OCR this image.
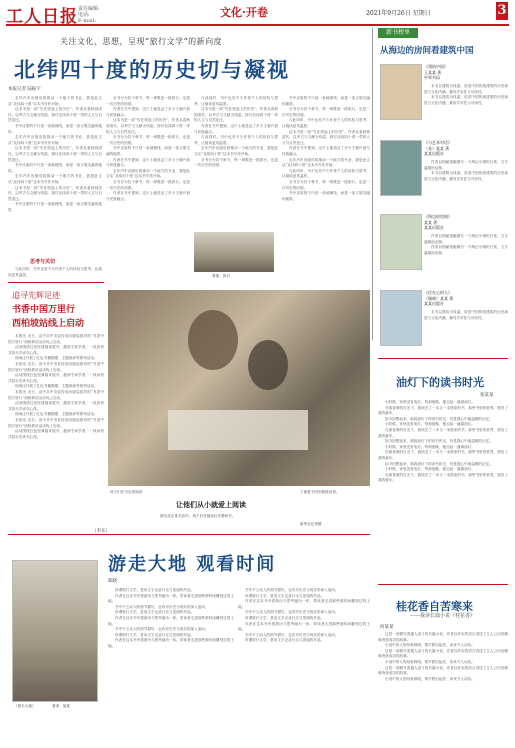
工人日报 责任编辑:
电话:
E-mail:
文化·开卷	2021年9月26日 星期日	3
关注文化、思想，呈现“旅行文学”的新向度
北纬四十度的历史切与凝视
本报记者 陆振宇

去年汽车出版后将推动一个地方的书业，我是此文从“北纬四十度”这本书写作开始。

这本书是一部“写在旅途上的历史”，作者从春秋到清代，以考古与文献为线索，探讨北纬四十度一带的人文与自然变迁。

书中还原的不只是一条地理线，而是一条文明交融的地带。

去年汽车出版后将推动一个地方的书业，我是此文从“北纬四十度”这本书写作开始。

这本书是一部“写在旅途上的历史”，作者从春秋到清代，以考古与文献为线索，探讨北纬四十度一带的人文与自然变迁。

书中还原的不只是一条地理线，而是一条文明交融的地带。

去年汽车出版后将推动一个地方的书业，我是此文从“北纬四十度”这本书写作开始。

这本书是一部“写在旅途上的历史”，作者从春秋到清代，以考古与文献为线索，探讨北纬四十度一带的人文与自然变迁。

书中还原的不只是一条地理线，而是一条文明交融的地带。

思考与关切

与此同时，书中也有不少作者个人的体验与思考，让阅读更具温度。

全书分为若干章节，每一章既是一段旅行，也是一次历史的回望。

作者在书中提到，这片土地见证了多少王朝兴衰与民族融合。

这本书是一部“写在旅途上的历史”，作者从春秋到清代，以考古与文献为线索，探讨北纬四十度一带的人文与自然变迁。

全书分为若干章节，每一章既是一段旅行，也是一次历史的回望。

书中还原的不只是一条地理线，而是一条文明交融的地带。

作者在书中提到，这片土地见证了多少王朝兴衰与民族融合。

去年汽车出版后将推动一个地方的书业，我是此文从“北纬四十度”这本书写作开始。

全书分为若干章节，每一章既是一段旅行，也是一次历史的回望。

作者在书中提到，这片土地见证了多少王朝兴衰与民族融合。

与此同时，书中也有不少作者个人的体验与思考，让阅读更具温度。

这本书是一部“写在旅途上的历史”，作者从春秋到清代，以考古与文献为线索，探讨北纬四十度一带的人文与自然变迁。

作者在书中提到，这片土地见证了多少王朝兴衰与民族融合。

与此同时，书中也有不少作者个人的体验与思考，让阅读更具温度。

去年汽车出版后将推动一个地方的书业，我是此文从“北纬四十度”这本书写作开始。

全书分为若干章节，每一章既是一段旅行，也是一次历史的回望。

尊重、探讨

书中还原的不只是一条地理线，而是一条文明交融的地带。

全书分为若干章节，每一章既是一段旅行，也是一次历史的回望。

与此同时，书中也有不少作者个人的体验与思考，让阅读更具温度。

这本书是一部“写在旅途上的历史”，作者从春秋到清代，以考古与文献为线索，探讨北纬四十度一带的人文与自然变迁。

作者在书中提到，这片土地见证了多少王朝兴衰与民族融合。

去年汽车出版后将推动一个地方的书业，我是此文从“北纬四十度”这本书写作开始。

与此同时，书中也有不少作者个人的体验与思考，让阅读更具温度。

全书分为若干章节，每一章既是一段旅行，也是一次历史的回望。

书中还原的不只是一条地理线，而是一条文明交融的地带。

追寻先辉足迹
书香中国万里行
西柏坡站线上启动

本报讯 近日，由中共中央宣传部出版局指导的“书香中国万里行”西柏坡站活动线上启动。

活动围绕红色经典阅读展开，邀请专家学者、一线读者共同分享读书心得。

现场还开展了红色书籍捐赠、主题朗读等系列活动。

本报讯 近日，由中共中央宣传部出版局指导的“书香中国万里行”西柏坡站活动线上启动。

活动围绕红色经典阅读展开，邀请专家学者、一线读者共同分享读书心得。

现场还开展了红色书籍捐赠、主题朗读等系列活动。

本报讯 近日，由中共中央宣传部出版局指导的“书香中国万里行”西柏坡站活动线上启动。

活动围绕红色经典阅读展开，邀请专家学者、一线读者共同分享读书心得。

现场还开展了红色书籍捐赠、主题朗读等系列活动。

本报讯 近日，由中共中央宣传部出版局指导的“书香中国万里行”西柏坡站活动线上启动。

活动围绕红色经典阅读展开，邀请专家学者、一线读者共同分享读书心得。

（李东）
孩子们在书店里阅读
让他们从小就爱上阅读
下面是不同年龄段读者。
图为北京某书店内，孩子们在阅读区安静读书。
新华社记者摄
游走大地 观看时间
陈晓
《游走大地》	著者：某某

所谓旅行文学，是用文字记录行走与见闻的作品。

作者在这本书中将游历与思考融为一体，带读者走进那些被时间雕刻过的土地。

书中不乏动人的细节描写，也有对历史与现实的深入追问。

所谓旅行文学，是用文字记录行走与见闻的作品。

作者在这本书中将游历与思考融为一体，带读者走进那些被时间雕刻过的土地。

书中不乏动人的细节描写，也有对历史与现实的深入追问。

所谓旅行文学，是用文字记录行走与见闻的作品。

作者在这本书中将游历与思考融为一体，带读者走进那些被时间雕刻过的土地。

书中不乏动人的细节描写，也有对历史与现实的深入追问。

所谓旅行文学，是用文字记录行走与见闻的作品。

作者在这本书中将游历与思考融为一体，带读者走进那些被时间雕刻过的土地。

书中不乏动人的细节描写，也有对历史与现实的深入追问。

所谓旅行文学，是用文字记录行走与见闻的作品。

作者在这本书中将游历与思考融为一体，带读者走进那些被时间雕刻过的土地。

书中不乏动人的细节描写，也有对历史与现实的深入追问。

所谓旅行文学，是用文字记录行走与见闻的作品。

新书榜单
从海边的房间看建筑中国
《建筑中国》
王某某 著
中华书局

本书以建筑为线索，讲述中国传统建筑的历史演进与文化内涵，兼具学术性与可读性。

本书以建筑为线索，讲述中国传统建筑的历史演进与文化内涵，兼具学术性与可读性。

《与艺术对话》
（英）某某 著
某某出版社

作者以细腻笔触描写一个海边小城的日常，文字温暖而克制。

本书以建筑为线索，讲述中国传统建筑的历史演进与文化内涵，兼具学术性与可读性。

《海边的房间》
某某 著
某某出版社

作者以细腻笔触描写一个海边小城的日常，文字温暖而克制。

作者以细腻笔触描写一个海边小城的日常，文字温暖而克制。

《住在心的人》
（瑞典）某某 著
某某出版社

本书以建筑为线索，讲述中国传统建筑的历史演进与文化内涵，兼具学术性与可读性。

油灯下的读书时光
张某某

小时候，家里没有电灯，每到夜晚，便点起一盏煤油灯。

在那昏黄的灯光下，我读完了一本又一本借来的书，那些书里的世界，照亮了我的童年。

如今回想起来，那段油灯下的读书时光，仍是我心中最温暖的记忆。

小时候，家里没有电灯，每到夜晚，便点起一盏煤油灯。

在那昏黄的灯光下，我读完了一本又一本借来的书，那些书里的世界，照亮了我的童年。

如今回想起来，那段油灯下的读书时光，仍是我心中最温暖的记忆。

小时候，家里没有电灯，每到夜晚，便点起一盏煤油灯。

在那昏黄的灯光下，我读完了一本又一本借来的书，那些书里的世界，照亮了我的童年。

如今回想起来，那段油灯下的读书时光，仍是我心中最温暖的记忆。

小时候，家里没有电灯，每到夜晚，便点起一盏煤油灯。

在那昏黄的灯光下，我读完了一本又一本借来的书，那些书里的世界，照亮了我的童年。

桂花香自苦寒来
——我读长篇小说《桂花香》
何某某

这是一部描写普通人奋斗的长篇小说，作者以朴实的语言讲述了主人公历经磨难终获成功的故事。

小说中的人物形象鲜明，情节跌宕起伏，读来令人动容。

这是一部描写普通人奋斗的长篇小说，作者以朴实的语言讲述了主人公历经磨难终获成功的故事。

小说中的人物形象鲜明，情节跌宕起伏，读来令人动容。

这是一部描写普通人奋斗的长篇小说，作者以朴实的语言讲述了主人公历经磨难终获成功的故事。

小说中的人物形象鲜明，情节跌宕起伏，读来令人动容。
